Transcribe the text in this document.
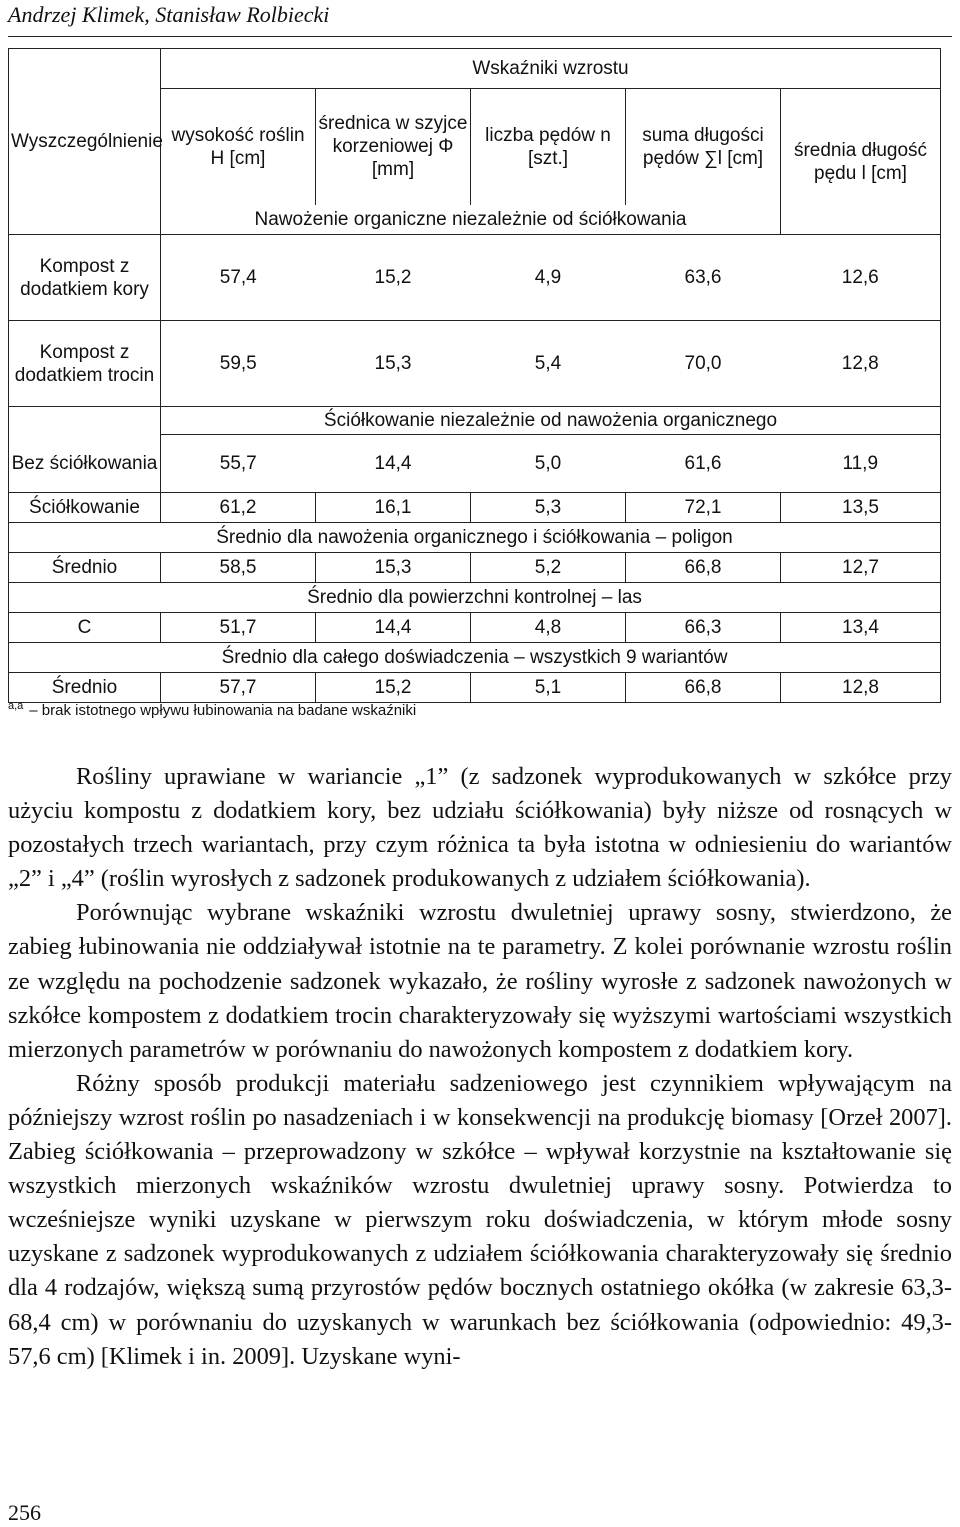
Andrzej Klimek, Stanisław Rolbiecki
Wyszczególnienie	Wskaźniki wzrostu				
	wysokość roślin H [cm]	średnica w szyjce korzeniowej Φ [mm]	liczba pędów n [szt.]	suma długości pędów ∑l [cm]	średnia długość pędu l [cm]
	Nawożenie organiczne niezależnie od ściółkowania				
Kompost z dodatkiem kory	57,4	15,2	4,9	63,6	12,6
Kompost z dodatkiem trocin	59,5	15,3	5,4	70,0	12,8
	Ściółkowanie niezależnie od nawożenia organicznego				
Bez ściółkowania	55,7	14,4	5,0	61,6	11,9
Ściółkowanie	61,2	16,1	5,3	72,1	13,5
Średnio dla nawożenia organicznego i ściółkowania – poligon					
Średnio	58,5	15,3	5,2	66,8	12,7
Średnio dla powierzchni kontrolnej – las					
C	51,7	14,4	4,8	66,3	13,4
Średnio dla całego doświadczenia – wszystkich 9 wariantów					
Średnio	57,7	15,2	5,1	66,8	12,8
$^{a,a}$ – brak istotnego wpływu łubinowania na badane wskaźniki

Rośliny uprawiane w wariancie „1” (z sadzonek wyprodukowanych w szkółce przy użyciu kompostu z dodatkiem kory, bez udziału ściółkowania) były niższe od rosnących w pozostałych trzech wariantach, przy czym różnica ta była istotna w odniesieniu do wariantów „2” i „4” (roślin wyrosłych z sadzonek produkowanych z udziałem ściółkowania).

Porównując wybrane wskaźniki wzrostu dwuletniej uprawy sosny, stwierdzono, że zabieg łubinowania nie oddziaływał istotnie na te parametry. Z kolei porównanie wzrostu roślin ze względu na pochodzenie sadzonek wykazało, że rośliny wyrosłe z sadzonek nawożonych w szkółce kompostem z dodatkiem trocin charakteryzowały się wyższymi wartościami wszystkich mierzonych parametrów w porównaniu do nawożonych kompostem z dodatkiem kory.

Różny sposób produkcji materiału sadzeniowego jest czynnikiem wpływającym na późniejszy wzrost roślin po nasadzeniach i w konsekwencji na produkcję biomasy [Orzeł 2007]. Zabieg ściółkowania – przeprowadzony w szkółce – wpływał korzystnie na kształtowanie się wszystkich mierzonych wskaźników wzrostu dwuletniej uprawy sosny. Potwierdza to wcześniejsze wyniki uzyskane w pierwszym roku doświadczenia, w którym młode sosny uzyskane z sadzonek wyprodukowanych z udziałem ściółkowania charakteryzowały się średnio dla 4 rodzajów, większą sumą przyrostów pędów bocznych ostatniego okółka (w zakresie 63,3-68,4 cm) w porównaniu do uzyskanych w warunkach bez ściółkowania (odpowiednio: 49,3-57,6 cm) [Klimek i in. 2009]. Uzyskane wyni-

256
